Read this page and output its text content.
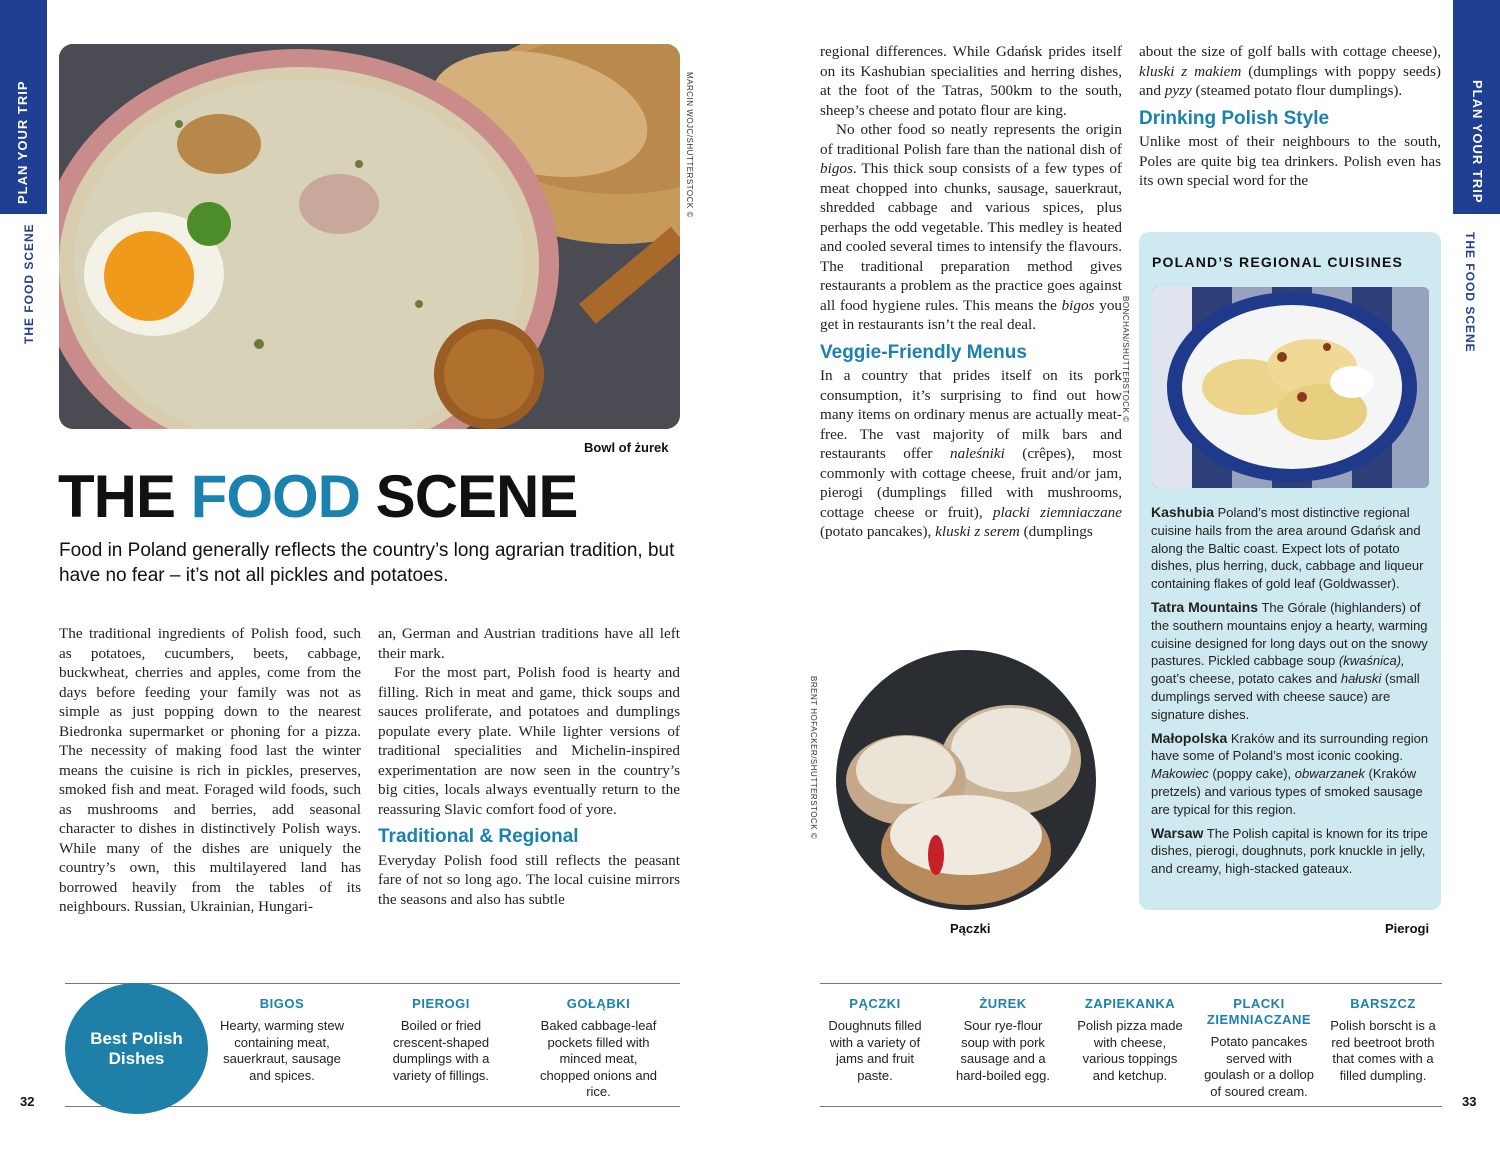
PLAN YOUR TRIP
THE FOOD SCENE
PLAN YOUR TRIP
THE FOOD SCENE
MARCIN WOJC/SHUTTERSTOCK ©
Bowl of żurek
THE FOOD SCENE
Food in Poland generally reflects the country’s long agrarian tradition, but have no fear – it’s not all pickles and potatoes.

The traditional ingredients of Polish food, such as potatoes, cucumbers, beets, cabbage, buckwheat, cherries and apples, come from the days before feeding your family was not as simple as just popping down to the nearest Biedronka supermarket or phoning for a pizza. The necessity of making food last the winter means the cuisine is rich in pickles, preserves, smoked fish and meat. Foraged wild foods, such as mushrooms and berries, add seasonal character to dishes in distinctively Polish ways. While many of the dishes are uniquely the country’s own, this multilayered land has borrowed heavily from the tables of its neighbours. Russian, Ukrainian, Hungari-

an, German and Austrian traditions have all left their mark.

For the most part, Polish food is hearty and filling. Rich in meat and game, thick soups and sauces proliferate, and potatoes and dumplings populate every plate. While lighter versions of traditional specialities and Michelin-inspired experimentation are now seen in the country’s big cities, locals always eventually return to the reassuring Slavic comfort food of yore.

Traditional & Regional

Everyday Polish food still reflects the peasant fare of not so long ago. The local cuisine mirrors the seasons and also has subtle

regional differences. While Gdańsk prides itself on its Kashubian specialities and herring dishes, at the foot of the Tatras, 500km to the south, sheep’s cheese and potato flour are king.

No other food so neatly represents the origin of traditional Polish fare than the national dish of bigos. This thick soup consists of a few types of meat chopped into chunks, sausage, sauerkraut, shredded cabbage and various spices, plus perhaps the odd vegetable. This medley is heated and cooled several times to intensify the flavours. The traditional preparation method gives restaurants a problem as the practice goes against all food hygiene rules. This means the bigos you get in restaurants isn’t the real deal.

Veggie-Friendly Menus

In a country that prides itself on its pork consumption, it’s surprising to find out how many items on ordinary menus are actually meat-free. The vast majority of milk bars and restaurants offer naleśniki (crêpes), most commonly with cottage cheese, fruit and/or jam, pierogi (dumplings filled with mushrooms, cottage cheese or fruit), placki ziemniaczane (potato pancakes), kluski z serem (dumplings

about the size of golf balls with cottage cheese), kluski z makiem (dumplings with poppy seeds) and pyzy (steamed potato flour dumplings).

Drinking Polish Style

Unlike most of their neighbours to the south, Poles are quite big tea drinkers. Polish even has its own special word for the

BRENT HOFACKER/SHUTTERSTOCK ©
Pączki
POLAND’S REGIONAL CUISINES
BONCHAN/SHUTTERSTOCK ©

Kashubia Poland’s most distinctive regional cuisine hails from the area around Gdańsk and along the Baltic coast. Expect lots of potato dishes, plus herring, duck, cabbage and liqueur containing flakes of gold leaf (Goldwasser).

Tatra Mountains The Górale (highlanders) of the southern mountains enjoy a hearty, warming cuisine designed for long days out on the snowy pastures. Pickled cabbage soup (kwaśnica), goat’s cheese, potato cakes and hałuski (small dumplings served with cheese sauce) are signature dishes.

Małopolska Kraków and its surrounding region have some of Poland’s most iconic cooking. Makowiec (poppy cake), obwarzanek (Kraków pretzels) and various types of smoked sausage are typical for this region.

Warsaw The Polish capital is known for its tripe dishes, pierogi, doughnuts, pork knuckle in jelly, and creamy, high-stacked gateaux.

Pierogi
Best Polish Dishes
BIGOS
Hearty, warming stew containing meat, sauerkraut, sausage and spices.
PIEROGI
Boiled or fried crescent-shaped dumplings with a variety of fillings.
GOŁĄBKI
Baked cabbage-leaf pockets filled with minced meat, chopped onions and rice.
32
PĄCZKI
Doughnuts filled with a variety of jams and fruit paste.
ŻUREK
Sour rye-flour soup with pork sausage and a hard-boiled egg.
ZAPIEKANKA
Polish pizza made with cheese, various toppings and ketchup.
PLACKI ZIEMNIACZANE
Potato pancakes served with goulash or a dollop of soured cream.
BARSZCZ
Polish borscht is a red beetroot broth that comes with a filled dumpling.
33
